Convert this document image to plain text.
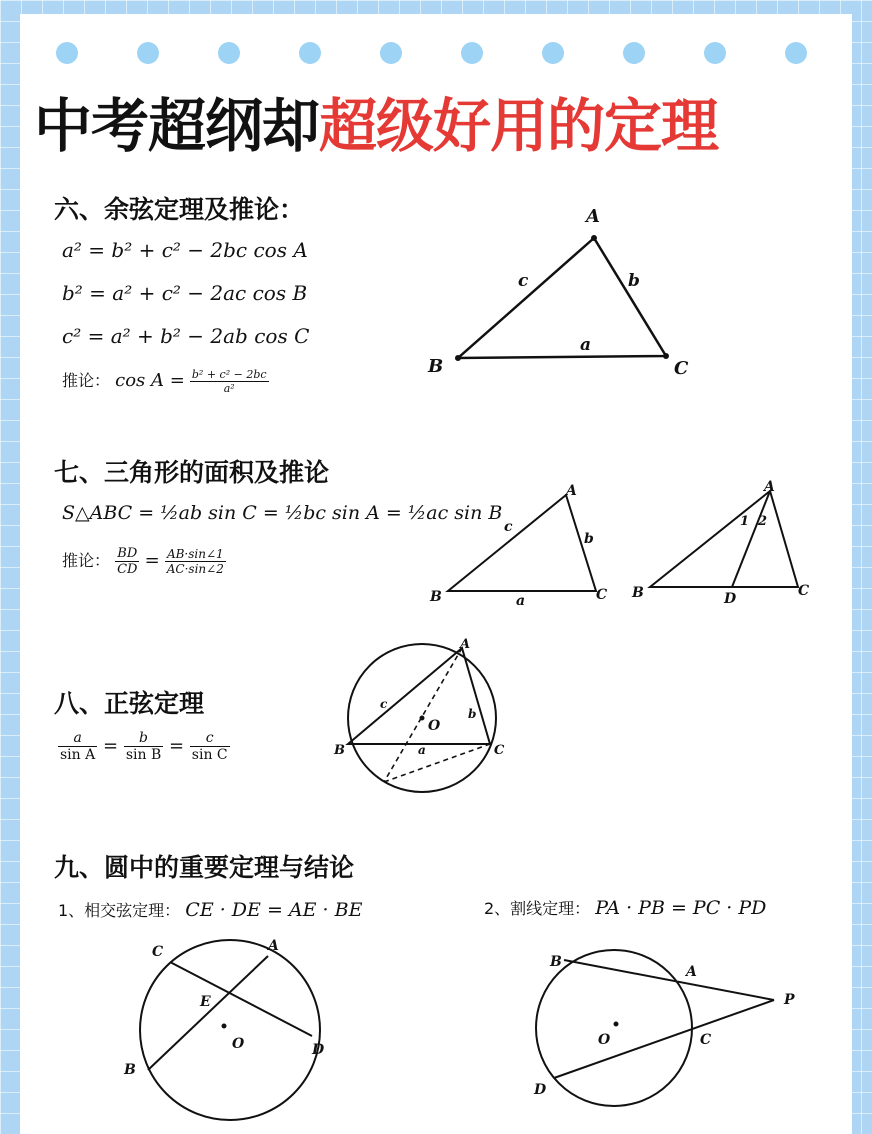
中考超纲却超级好用的定理
六、余弦定理及推论：
a² = b² + c² − 2bc cos A
b² = a² + c² − 2ac cos B
c² = a² + b² − 2ab cos C
推论： $\cos A = \frac{\text{b² + c² − 2bc}}{\text{a²}}$
A
B	C
a
b
c
七、三角形的面积及推论
S△ABC = ½ab sin C = ½bc sin A = ½ac sin B
推论： $\frac{BD}{CD} = \frac{AB\cdot\sin\angle 1}{AC\cdot\sin\angle 2}$
A
B	C
a
b
c
A
B	C
D
1 2
八、正弦定理
$\frac{a}{\text{sin A}} = \frac{b}{\text{sin B}} = \frac{c}{\text{sin C}}$
A
B	C
O
a
b
c
九、圆中的重要定理与结论
1、相交弦定理： CE · DE = AE · BE	2、割线定理： PA · PB = PC · PD
C	A
E
O	D
B
B
A
P
O	C
D
